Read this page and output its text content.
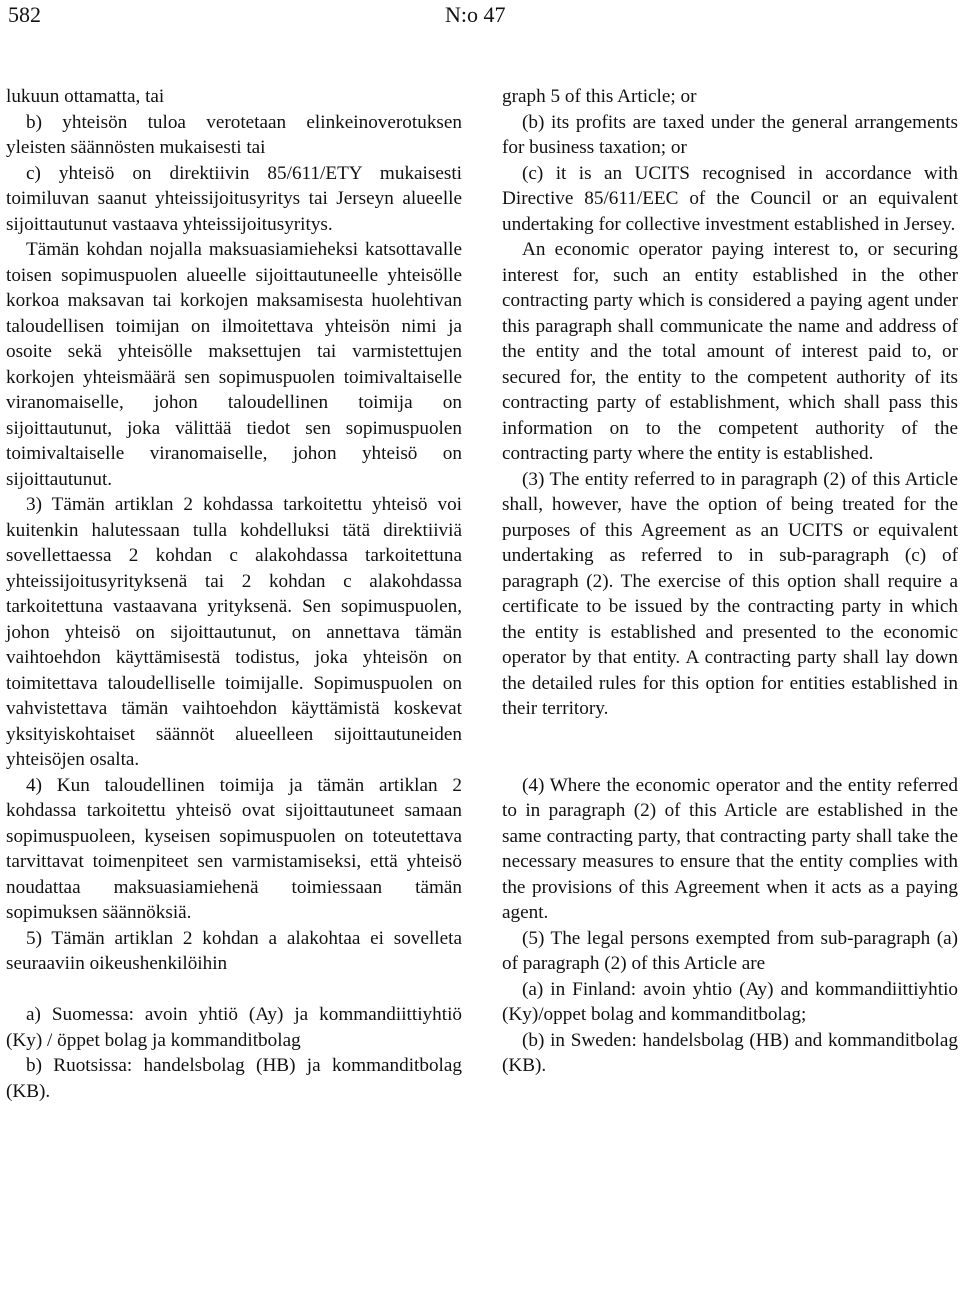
582	N:o 47

lukuun ottamatta, tai

b) yhteisön tuloa verotetaan elinkeinoverotuksen yleisten säännösten mukaisesti tai

c) yhteisö on direktiivin 85/611/ETY mukaisesti toimiluvan saanut yhteissijoitusyritys tai Jerseyn alueelle sijoittautunut vastaava yhteissijoitusyritys.

Tämän kohdan nojalla maksuasiamieheksi katsottavalle toisen sopimuspuolen alueelle sijoittautuneelle yhteisölle korkoa maksavan tai korkojen maksamisesta huolehtivan taloudellisen toimijan on ilmoitettava yhteisön nimi ja osoite sekä yhteisölle maksettujen tai varmistettujen korkojen yhteismäärä sen sopimuspuolen toimivaltaiselle viranomaiselle, johon taloudellinen toimija on sijoittautunut, joka välittää tiedot sen sopimuspuolen toimivaltaiselle viranomaiselle, johon yhteisö on sijoittautunut.

3) Tämän artiklan 2 kohdassa tarkoitettu yhteisö voi kuitenkin halutessaan tulla kohdelluksi tätä direktiiviä sovellettaessa 2 kohdan c alakohdassa tarkoitettuna yhteissijoitusyrityksenä tai 2 kohdan c alakohdassa tarkoitettuna vastaavana yrityksenä. Sen sopimuspuolen, johon yhteisö on sijoittautunut, on annettava tämän vaihtoehdon käyttämisestä todistus, joka yhteisön on toimitettava taloudelliselle toimijalle. Sopimuspuolen on vahvistettava tämän vaihtoehdon käyttämistä koskevat yksityiskohtaiset säännöt alueelleen sijoittautuneiden yhteisöjen osalta.

4) Kun taloudellinen toimija ja tämän artiklan 2 kohdassa tarkoitettu yhteisö ovat sijoittautuneet samaan sopimuspuoleen, kyseisen sopimuspuolen on toteutettava tarvittavat toimenpiteet sen varmistamiseksi, että yhteisö noudattaa maksuasiamiehenä toimiessaan tämän sopimuksen säännöksiä.

5) Tämän artiklan 2 kohdan a alakohtaa ei sovelleta seuraaviin oikeushenkilöihin

a) Suomessa: avoin yhtiö (Ay) ja kommandiittiyhtiö (Ky) / öppet bolag ja kommanditbolag

b) Ruotsissa: handelsbolag (HB) ja kommanditbolag (KB).

graph 5 of this Article; or

(b) its profits are taxed under the general arrangements for business taxation; or

(c) it is an UCITS recognised in accordance with Directive 85/611/EEC of the Council or an equivalent undertaking for collective investment established in Jersey.

An economic operator paying interest to, or securing interest for, such an entity established in the other contracting party which is considered a paying agent under this paragraph shall communicate the name and address of the entity and the total amount of interest paid to, or secured for, the entity to the competent authority of its contracting party of establishment, which shall pass this information on to the competent authority of the contracting party where the entity is established.

(3) The entity referred to in paragraph (2) of this Article shall, however, have the option of being treated for the purposes of this Agreement as an UCITS or equivalent undertaking as referred to in sub-paragraph (c) of paragraph (2). The exercise of this option shall require a certificate to be issued by the contracting party in which the entity is established and presented to the economic operator by that entity. A contracting party shall lay down the detailed rules for this option for entities established in their territory.

(4) Where the economic operator and the entity referred to in paragraph (2) of this Article are established in the same contracting party, that contracting party shall take the necessary measures to ensure that the entity complies with the provisions of this Agreement when it acts as a paying agent.

(5) The legal persons exempted from sub-paragraph (a) of paragraph (2) of this Article are

(a) in Finland: avoin yhtio (Ay) and kommandiittiyhtio (Ky)/oppet bolag and kommanditbolag;

(b) in Sweden: handelsbolag (HB) and kommanditbolag (KB).
